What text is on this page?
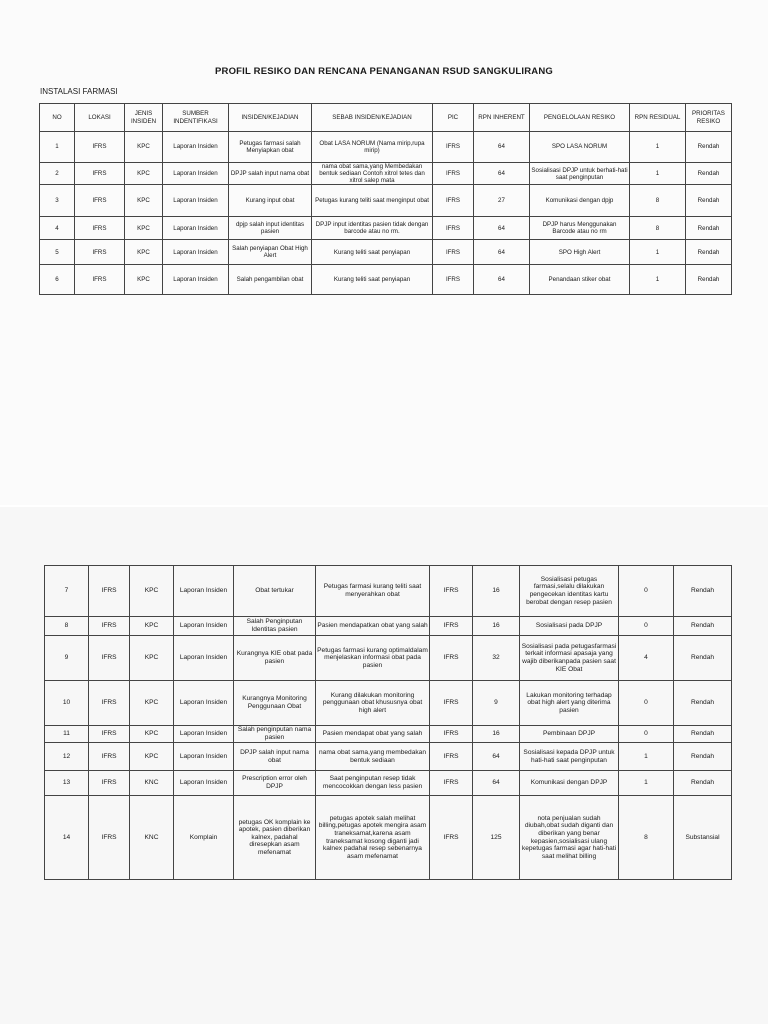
PROFIL RESIKO DAN RENCANA PENANGANAN RSUD SANGKULIRANG
INSTALASI FARMASI
NO	LOKASI	JENIS INSIDEN	SUMBER INDENTIFIKASI	INSIDEN/KEJADIAN	SEBAB INSIDEN/KEJADIAN	PIC	RPN INHERENT	PENGELOLAAN RESIKO	RPN RESIDUAL	PRIORITAS RESIKO
1	IFRS	KPC	Laporan Insiden	Petugas farmasi salah Menyiapkan obat	Obat LASA NORUM (Nama mirip,rupa mirip)	IFRS	64	SPO LASA NORUM	1	Rendah
2	IFRS	KPC	Laporan Insiden	DPJP salah input nama obat	nama obat sama,yang Membedakan bentuk sediaan Contoh xitrol tetes dan xitrol salep mata	IFRS	64	Sosialisasi DPJP untuk berhati-hati saat penginputan	1	Rendah
3	IFRS	KPC	Laporan Insiden	Kurang input obat	Petugas kurang teliti saat menginput obat	IFRS	27	Komunikasi dengan dpjp	8	Rendah
4	IFRS	KPC	Laporan Insiden	dpjp salah input identitas pasien	DPJP input identitas pasien tidak dengan barcode atau no rm.	IFRS	64	DPJP harus Menggunakan Barcode atau no rm	8	Rendah
5	IFRS	KPC	Laporan Insiden	Salah penyiapan Obat High Alert	Kurang teliti saat penyiapan	IFRS	64	SPO High Alert	1	Rendah
6	IFRS	KPC	Laporan Insiden	Salah pengambilan obat	Kurang teliti saat penyiapan	IFRS	64	Penandaan stiker obat	1	Rendah
7	IFRS	KPC	Laporan Insiden	Obat tertukar	Petugas farmasi kurang teliti saat menyerahkan obat	IFRS	16	Sosialisasi petugas farmasi,selalu dilakukan pengecekan identitas kartu berobat dengan resep pasien	0	Rendah
8	IFRS	KPC	Laporan Insiden	Salah Penginputan Identitas pasien	Pasien mendapatkan obat yang salah	IFRS	16	Sosialisasi pada DPJP	0	Rendah
9	IFRS	KPC	Laporan Insiden	Kurangnya KIE obat pada pasien	Petugas farmasi kurang optimaldalam menjelaskan informasi obat pada pasien	IFRS	32	Sosialisasi pada petugasfarmasi terkait informasi apasaja yang wajib diberikanpada pasien saat KIE Obat	4	Rendah
10	IFRS	KPC	Laporan Insiden	Kurangnya Monitoring Penggunaan Obat	Kurang dilakukan monitoring penggunaan obat khususnya obat high alert	IFRS	9	Lakukan monitoring terhadap obat high alert yang diterima pasien	0	Rendah
11	IFRS	KPC	Laporan Insiden	Salah penginputan nama pasien	Pasien mendapat obat yang salah	IFRS	16	Pembinaan DPJP	0	Rendah
12	IFRS	KPC	Laporan Insiden	DPJP salah input nama obat	nama obat sama,yang membedakan bentuk sediaan	IFRS	64	Sosialisasi kepada DPJP untuk hati-hati saat penginputan	1	Rendah
13	IFRS	KNC	Laporan Insiden	Prescription error oleh DPJP	Saat penginputan resep tidak mencocokkan dengan less pasien	IFRS	64	Komunikasi dengan DPJP	1	Rendah
14	IFRS	KNC	Komplain	petugas OK komplain ke apotek, pasien diberikan kalnex, padahal diresepkan asam mefenamat	petugas apotek salah melihat billing,petugas apotek mengira asam traneksamat,karena asam traneksamat kosong diganti jadi kalnex padahal resep sebenarnya asam mefenamat	IFRS	125	nota penjualan sudah diubah,obat sudah diganti dan diberikan yang benar kepasien,sosialisasi ulang kepetugas farmasi agar hati-hati saat melihat billing	8	Substansial
